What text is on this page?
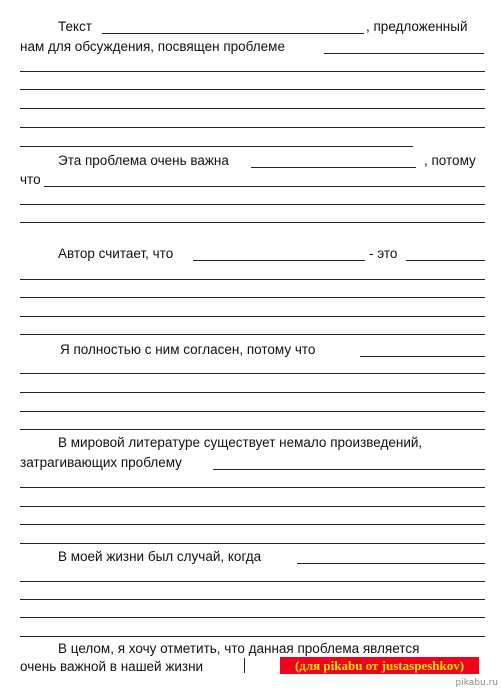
Текст	, предложенный
нам для обсуждения, посвящен проблеме
Эта проблема очень важна	, потому
что
Автор считает, что	- это
Я полностью с ним согласен, потому что
В мировой литературе существует немало произведений,
затрагивающих проблему
В моей жизни был случай, когда
В целом, я хочу отметить, что данная проблема является
очень важной в нашей жизни	(для pikabu от justaspeshkov)
pikabu.ru
